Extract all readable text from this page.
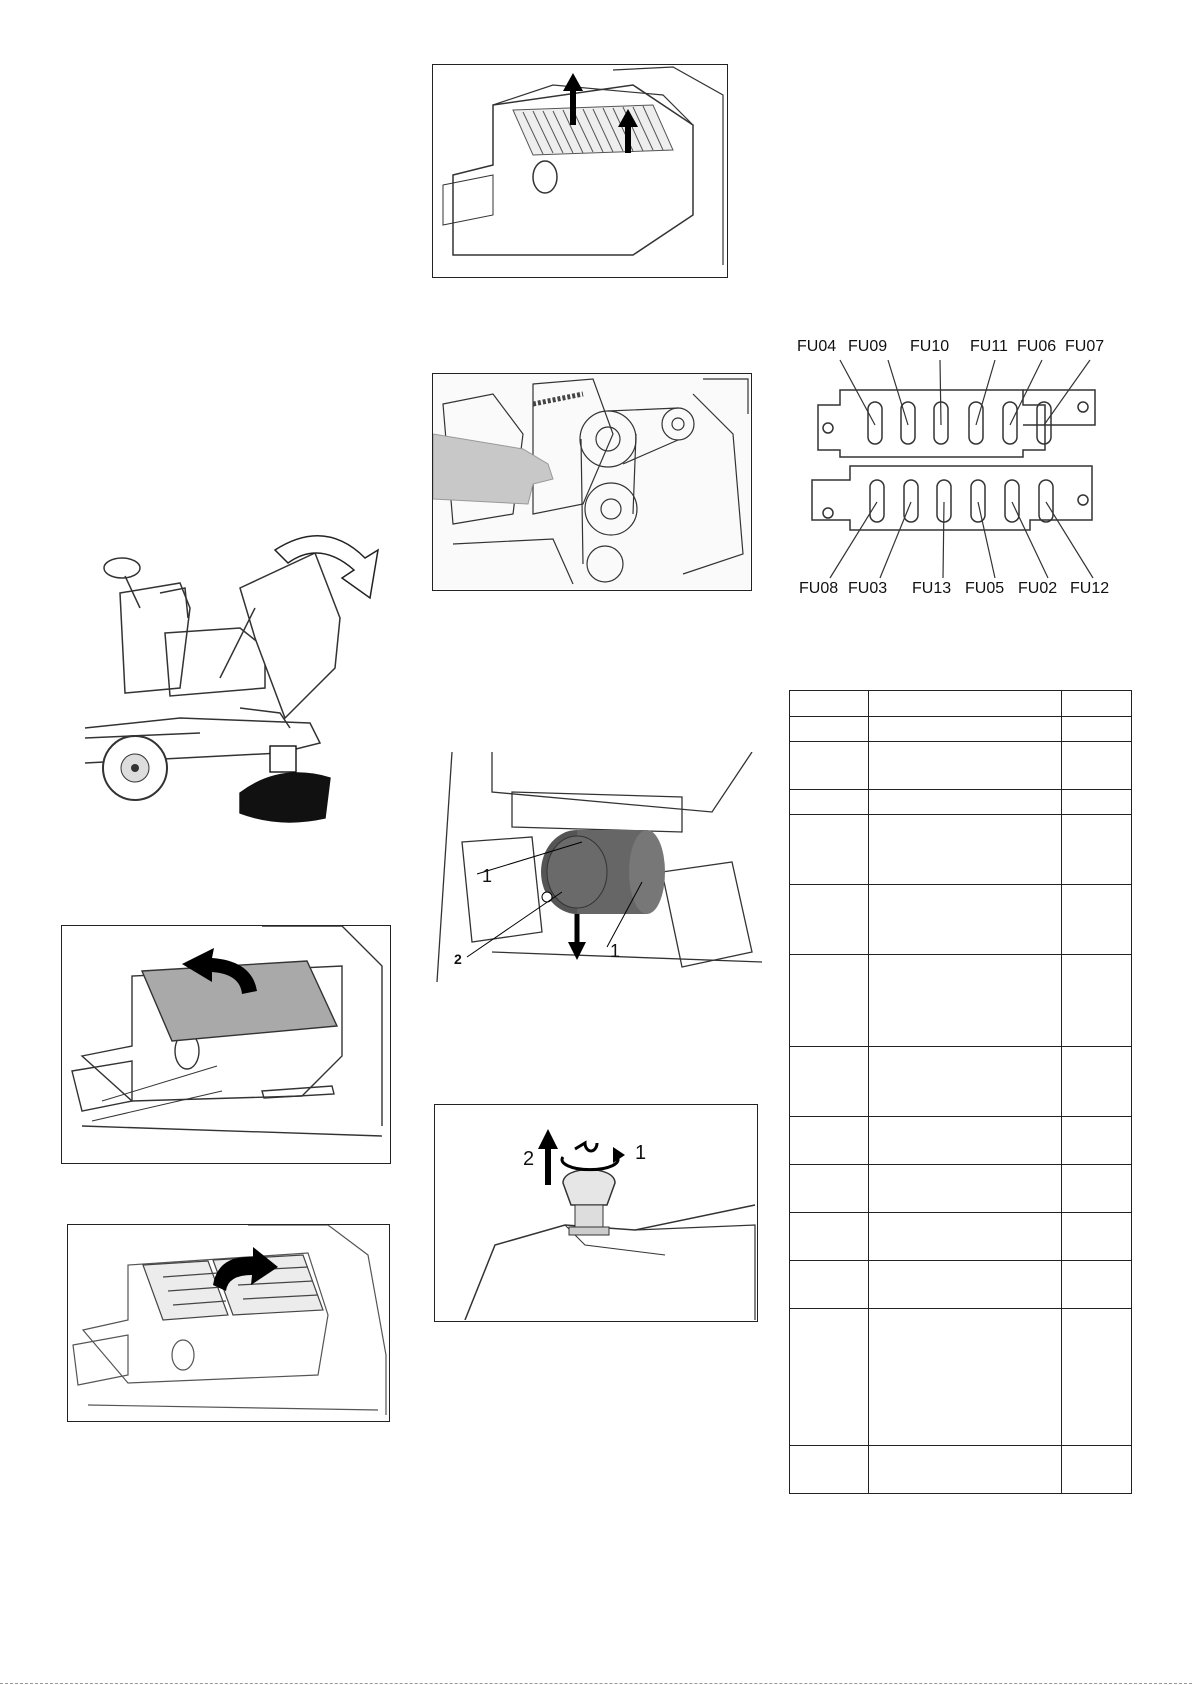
1
2	1
2	1
FU04 FU09 FU10 FU11 FU06 FU07
FU08 FU03 FU13 FU05 FU02 FU12
